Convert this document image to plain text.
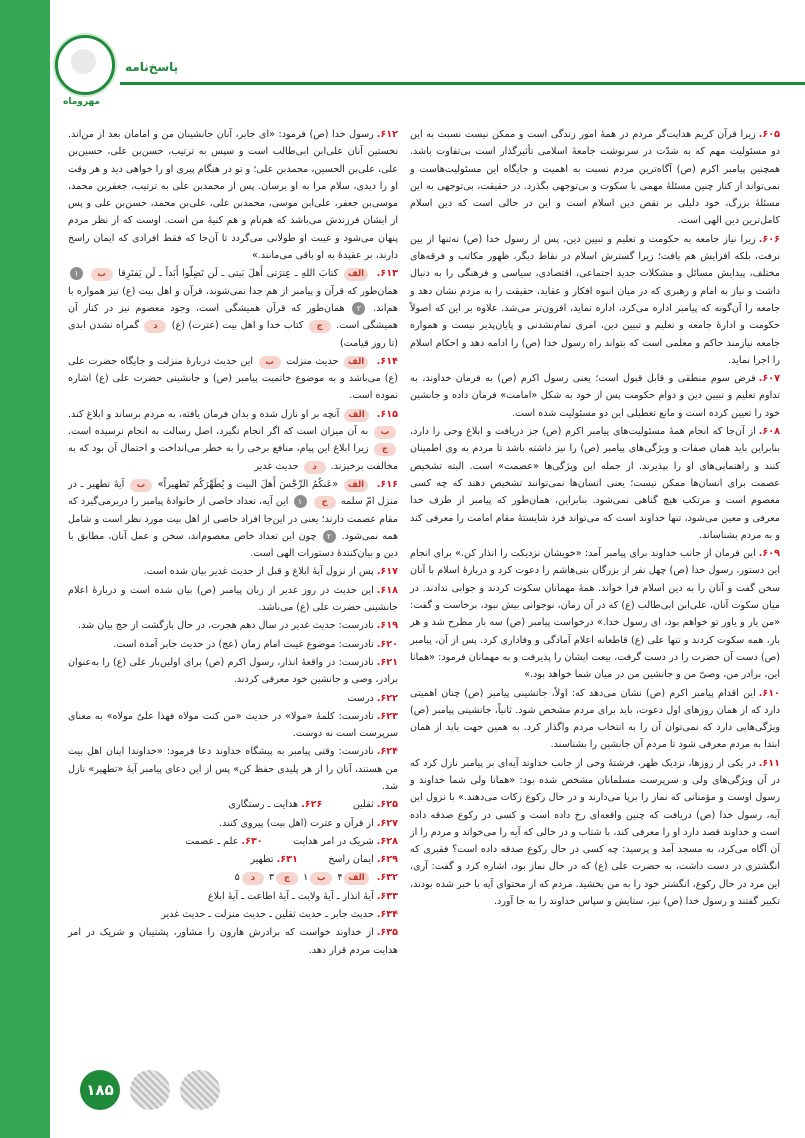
مهروماه
پاسخ‌نامه

۶۰۵.زیرا قرآن کریم هدایت‌گر مردم در همهٔ امور زندگی است و ممکن نیست نسبت به این دو مسئولیت مهم که به شدّت در سرنوشت جامعهٔ اسلامی تأثیرگذار است بی‌تفاوت باشد. همچنین پیامبر اکرم (ص) آگاه‌ترین مردم نسبت به اهمیت و جایگاه این مسئولیت‌هاست و نمی‌تواند از کنار چنین مسئلهٔ مهمی با سکوت و بی‌توجهی بگذرد. در حقیقت، بی‌توجهی به این مسئلهٔ بزرگ، خود دلیلی بر نقص دین اسلام است و این در حالی است که دین اسلام کامل‌ترین دین الهی است.

۶۰۶.زیرا نیاز جامعه به حکومت و تعلیم و تبیین دین، پس از رسول خدا (ص) نه‌تنها از بین نرفت، بلکه افزایش هم یافت؛ زیرا گسترش اسلام در نقاط دیگر، ظهور مکاتب و فرقه‌های مختلف، پیدایش مسائل و مشکلات جدید اجتماعی، اقتصادی، سیاسی و فرهنگی را به دنبال داشت و نیاز به امام و رهبری که در میان انبوه افکار و عقاید، حقیقت را به مردم نشان دهد و جامعه را آن‌گونه که پیامبر اداره می‌کرد، اداره نماید، افزون‌تر می‌شد. علاوه بر این که اصولاً حکومت و ادارهٔ جامعه و تعلیم و تبیین دین، امری تمام‌نشدنی و پایان‌پذیر نیست و همواره جامعه نیازمند حاکم و معلمی است که بتواند راه رسول خدا (ص) را ادامه دهد و احکام اسلام را اجرا نماید.

۶۰۷.فرض سوم منطقی و قابل قبول است؛ یعنی رسول اکرم (ص) به فرمان خداوند، به تداوم تعلیم و تبیین دین و دوام حکومت پس از خود به شکل «امامت» فرمان داده و جانشین خود را تعیین کرده است و مانع تعطیلی این دو مسئولیت شده است.

۶۰۸.از آن‌جا که انجام همهٔ مسئولیت‌های پیامبر اکرم (ص) جز دریافت و ابلاغ وحی را دارد، بنابراین باید همان صفات و ویژگی‌های پیامبر (ص) را نیز داشته باشد تا مردم به وی اطمینان کنند و راهنمایی‌های او را بپذیرند. از جمله این ویژگی‌ها «عصمت» است. البته تشخیص عصمت برای انسان‌ها ممکن نیست؛ یعنی انسان‌ها نمی‌توانند تشخیص دهند که چه کسی معصوم است و مرتکب هیچ گناهی نمی‌شود. بنابراین، همان‌طور که پیامبر از طرف خدا معرفی و معین می‌شود، تنها خداوند است که می‌تواند فرد شایستهٔ مقام امامت را معرفی کند و به مردم بشناساند.

۶۰۹.این فرمان از جانب خداوند برای پیامبر آمد: «خویشان نزدیکت را انذار کن.» برای انجام این دستور، رسول خدا (ص) چهل نفر از بزرگان بنی‌هاشم را دعوت کرد و دربارهٔ اسلام با آنان سخن گفت و آنان را به دین اسلام فرا خواند. همهٔ مهمانان سکوت کردند و جوابی ندادند. در میان سکوت آنان، علی‌ابن ابی‌طالب (ع) که در آن زمان، نوجوانی بیش نبود، برخاست و گفت: «من یار و یاور تو خواهم بود، ای رسول خدا.» درخواست پیامبر (ص) سه بار مطرح شد و هر بار، همه سکوت کردند و تنها علی (ع) قاطعانه اعلام آمادگی و وفاداری کرد. پس از آن، پیامبر (ص) دست آن حضرت را در دست گرفت، بیعت ایشان را پذیرفت و به مهمانان فرمود: «همانا این، برادر من، وصیّ من و جانشین من در میان شما خواهد بود.»

۶۱۰.این اقدام پیامبر اکرم (ص) نشان می‌دهد که: اولاً، جانشینی پیامبر (ص) چنان اهمیتی دارد که از همان روزهای اول دعوت، باید برای مردم مشخص شود. ثانیاً، جانشینی پیامبر (ص) ویژگی‌هایی دارد که نمی‌توان آن را به انتخاب مردم واگذار کرد. به همین جهت باید از همان ابتدا به مردم معرفی شود تا مردم آن جانشین را بشناسند.

۶۱۱.در یکی از روزها، نزدیک ظهر، فرشتهٔ وحی از جانب خداوند آیه‌ای بر پیامبر نازل کرد که در آن ویژگی‌های ولی و سرپرست مسلمانان مشخص شده بود: «همانا ولی شما خداوند و رسول اوست و مؤمنانی که نماز را برپا می‌دارند و در حال رکوع زکات می‌دهند.» با نزول این آیه، رسول خدا (ص) دریافت که چنین واقعه‌ای رخ داده است و کسی در رکوع صدقه داده است و خداوند قصد دارد او را معرفی کند، با شتاب و در حالی که آیه را می‌خواند و مردم را از آن آگاه می‌کرد، به مسجد آمد و پرسید: چه کسی در حال رکوع صدقه داده است؟ فقیری که انگشتری در دست داشت، به حضرت علی (ع) که در حال نماز بود، اشاره کرد و گفت: آری، این مرد در حال رکوع، انگشتر خود را به من بخشید. مردم که از محتوای آیه با خبر شده بودند، تکبیر گفتند و رسول خدا (ص) نیز، ستایش و سپاس خداوند را به جا آورد.

۶۱۲.رسول خدا (ص) فرمود: «ای جابر، آنان جانشینان من و امامان بعد از من‌اند. نخستین آنان علی‌ابن ابی‌طالب است و سپس به ترتیب، حسن‌بن علی، حسین‌بن علی، علی‌بن الحسین، محمدبن علی؛ و تو در هنگام پیری او را خواهی دید و هر وقت او را دیدی، سلام مرا به او برسان. پس از محمدبن علی به ترتیب، جعفربن محمد، موسی‌بن جعفر، علی‌ابن موسی، محمدبن علی، علی‌بن محمد، حسن‌بن علی و پس از ایشان فرزندش می‌باشد که هم‌نام و هم کنیهٔ من است. اوست که از نظر مردم پنهان می‌شود و غیبت او طولانی می‌گردد تا آن‌جا که فقط افرادی که ایمان راسخ دارند، بر عقیدهٔ به او باقی می‌مانند.»

۶۱۳. الف کتابَ اللهِ ـ عِترَتی أَهلَ بَیتی ـ لَن تَضِلّوا أَبَداً ـ لَن یَفتَرِقا ب ۱ همان‌طور که قرآن و پیامبر از هم جدا نمی‌شوند، قرآن و اهل بیت (ع) نیز همواره با هم‌اند. ۲ همان‌طور که قرآن همیشگی است، وجود معصوم نیز در کنار آن همیشگی است. ج کتاب خدا و اهل بیت (عترت) (ع) د گمراه نشدن ابدی (تا روز قیامت)

۶۱۴. الف حدیث منزلت ب این حدیث دربارهٔ منزلت و جایگاه حضرت علی (ع) می‌باشد و به موضوع خاتمیت پیامبر (ص) و جانشینی حضرت علی (ع) اشاره نموده است.

۶۱۵. الف آنچه بر او نازل شده و بدان فرمان یافته، به مردم برساند و ابلاغ کند. ب به آن میزان است که اگر انجام نگیرد، اصل رسالت به انجام نرسیده است. ج زیرا ابلاغ این پیام، منافع برخی را به خطر می‌انداخت و احتمال آن بود که به مخالفت برخیزند. د حدیث غدیر

۶۱۶. الف «عَنکُمُ الرِّجْسَ أَهلَ البیت و یُطَهِّرَکُم تَطهیراً» ب آیهٔ تطهیر ـ در منزل امّ سلمه ج ۱ این آیه، تعداد خاصی از خانوادهٔ پیامبر را دربرمی‌گیرد که مقام عصمت دارند؛ یعنی در این‌جا افراد خاصی از اهل بیت مورد نظر است و شامل همه نمی‌شود. ۲ چون این تعداد خاص معصوم‌اند، سخن و عمل آنان، مطابق با دین و بیان‌کنندهٔ دستورات الهی است.

۶۱۷.پس از نزول آیهٔ ابلاغ و قبل از حدیث غدیر بیان شده است.

۶۱۸.این حدیث در روز غدیر از زبان پیامبر (ص) بیان شده است و دربارهٔ اعلام جانشینی حضرت علی (ع) می‌باشد.

۶۱۹.نادرست: حدیث غدیر در سال دهم هجرت، در حال بازگشت از حج بیان شد.

۶۲۰.نادرست: موضوع غیبت امام زمان (عج) در حدیث جابر آمده است.

۶۲۱.نادرست: در واقعهٔ انذار، رسول اکرم (ص) برای اولین‌بار علی (ع) را به‌عنوان برادر، وصی و جانشین خود معرفی کردند.

۶۲۲.درست

۶۲۳.نادرست: کلمهٔ «مولا» در حدیث «من کنت مولاه فهذا علیٌ مولاه» به معنای سرپرست است نه دوست.

۶۲۴.نادرست: وقتی پیامبر به پیشگاه خداوند دعا فرمود: «خداوندا اینان اهل بیت من هستند، آنان را از هر پلیدی حفظ کن» پس از این دعای پیامبر آیهٔ «تطهیر» نازل شد.

۶۲۵.ثقلین          ۶۲۶.هدایت ـ رستگاری

۶۲۷.از قرآن و عترت (اهل بیت) پیروی کنند.

۶۲۸.شریک در امر هدایت          ۶۳۰.علم ـ عصمت

۶۲۹.ایمان راسخ          ۶۳۱.تطهیر

۶۳۲. الف۴ ب۱ ج۳ د۵

۶۳۳.آیهٔ انذار ـ آیهٔ ولایت ـ آیهٔ اطاعت ـ آیهٔ ابلاغ

۶۳۴.حدیث جابر ـ حدیث ثقلین ـ حدیث منزلت ـ حدیث غدیر

۶۳۵.از خداوند خواست که برادرش هارون را مشاور، پشتیبان و شریک در امر هدایت مردم قرار دهد.

۱۸۵
